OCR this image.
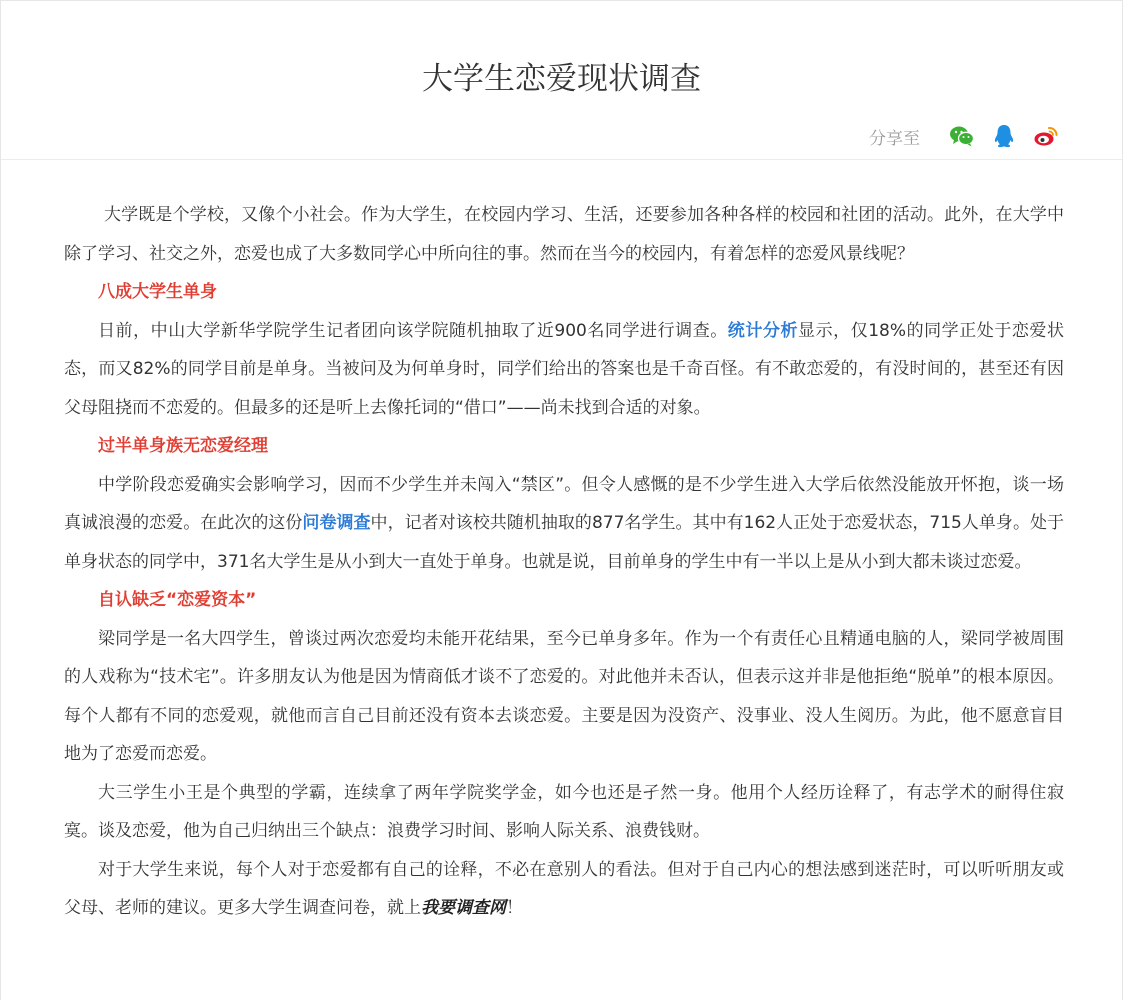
大学生恋爱现状调查
分享至

大学既是个学校，又像个小社会。作为大学生，在校园内学习、生活，还要参加各种各样的校园和社团的活动。此外，在大学中除了学习、社交之外，恋爱也成了大多数同学心中所向往的事。然而在当今的校园内，有着怎样的恋爱风景线呢？

八成大学生单身

日前，中山大学新华学院学生记者团向该学院随机抽取了近900名同学进行调查。统计分析显示，仅18%的同学正处于恋爱状态，而又82%的同学目前是单身。当被问及为何单身时，同学们给出的答案也是千奇百怪。有不敢恋爱的，有没时间的，甚至还有因父母阻挠而不恋爱的。但最多的还是听上去像托词的“借口”——尚未找到合适的对象。

过半单身族无恋爱经理

中学阶段恋爱确实会影响学习，因而不少学生并未闯入“禁区”。但令人感慨的是不少学生进入大学后依然没能放开怀抱，谈一场真诚浪漫的恋爱。在此次的这份问卷调查中，记者对该校共随机抽取的877名学生。其中有162人正处于恋爱状态，715人单身。处于单身状态的同学中，371名大学生是从小到大一直处于单身。也就是说，目前单身的学生中有一半以上是从小到大都未谈过恋爱。

自认缺乏“恋爱资本”

梁同学是一名大四学生，曾谈过两次恋爱均未能开花结果，至今已单身多年。作为一个有责任心且精通电脑的人，梁同学被周围的人戏称为“技术宅”。许多朋友认为他是因为情商低才谈不了恋爱的。对此他并未否认，但表示这并非是他拒绝“脱单”的根本原因。每个人都有不同的恋爱观，就他而言自己目前还没有资本去谈恋爱。主要是因为没资产、没事业、没人生阅历。为此，他不愿意盲目地为了恋爱而恋爱。

大三学生小王是个典型的学霸，连续拿了两年学院奖学金，如今也还是孑然一身。他用个人经历诠释了，有志学术的耐得住寂寞。谈及恋爱，他为自己归纳出三个缺点：浪费学习时间、影响人际关系、浪费钱财。

对于大学生来说，每个人对于恋爱都有自己的诠释，不必在意别人的看法。但对于自己内心的想法感到迷茫时，可以听听朋友或父母、老师的建议。更多大学生调查问卷，就上我要调查网！
